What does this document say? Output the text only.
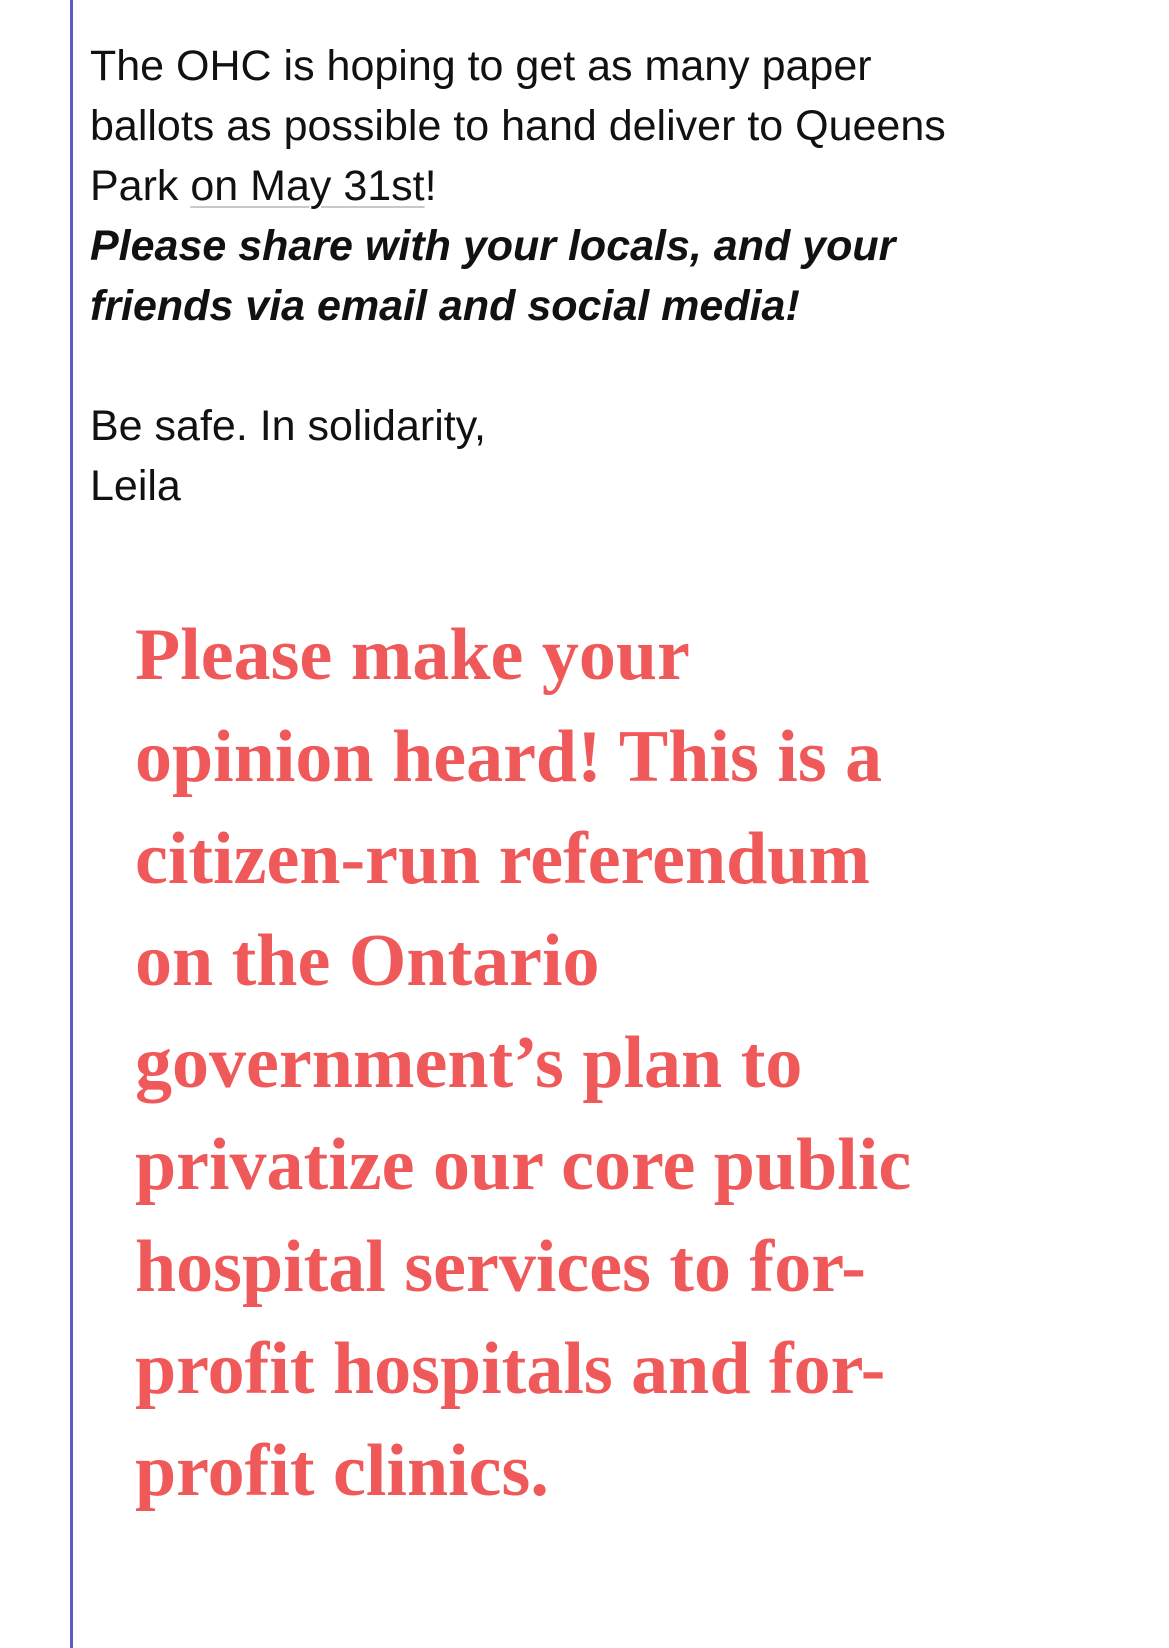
The OHC is hoping to get as many paper
ballots as possible to hand deliver to Queens
Park on May 31st!

Please share with your locals, and your
friends via email and social media!

Be safe. In solidarity,
Leila

Please make your
opinion heard! This is a
citizen-run referendum
on the Ontario
government’s plan to
privatize our core public
hospital services to for-
profit hospitals and for-
profit clinics.
